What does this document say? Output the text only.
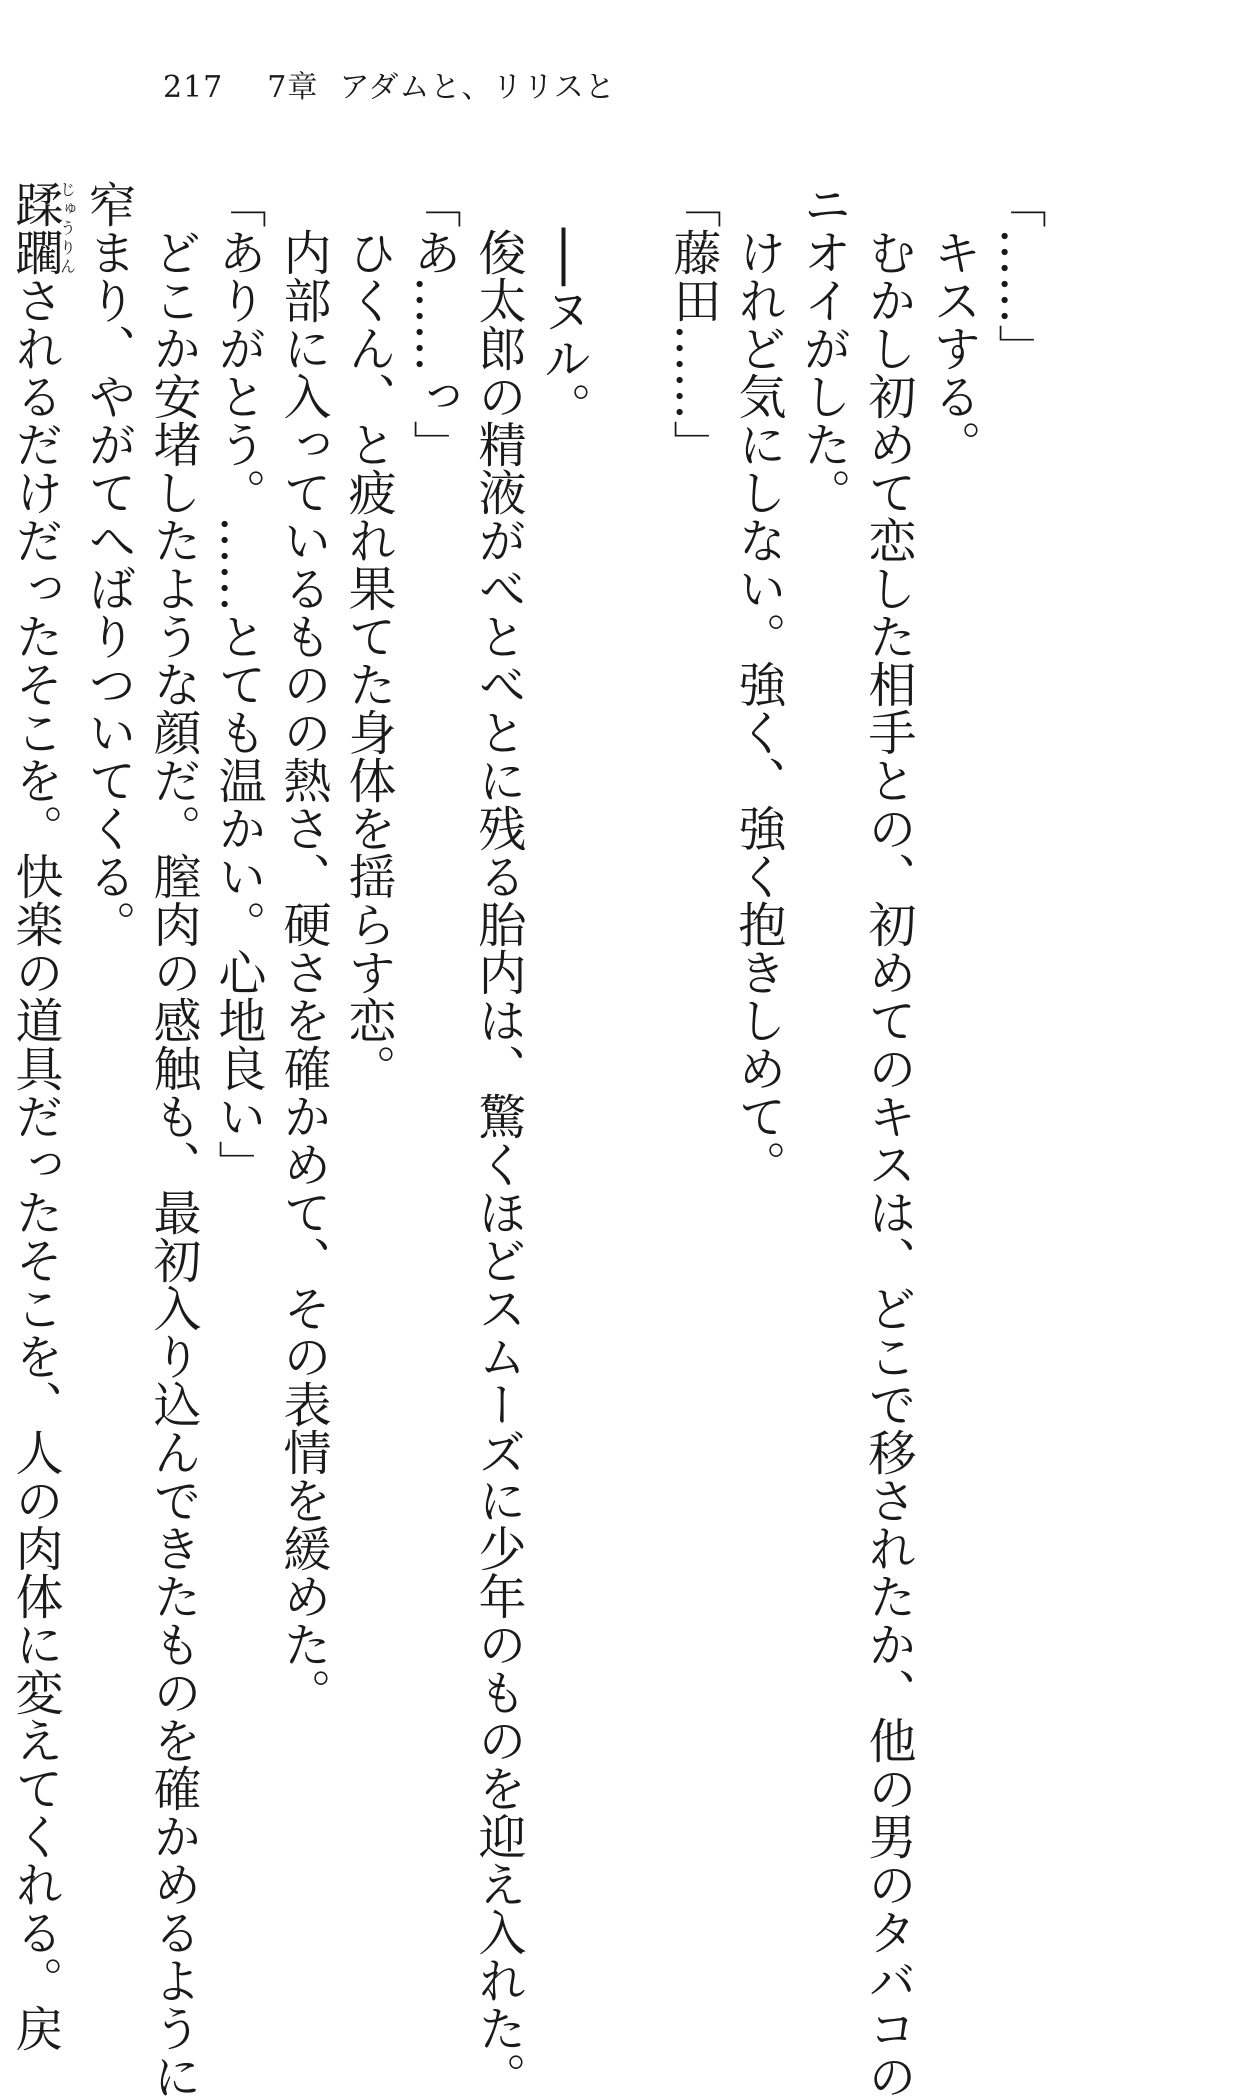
217 7章 アダムと、リリスと
「……」
キスする。
むかし初めて恋した相手との、初めてのキスは、どこで移されたか、他の男のタバコの
ニオイがした。
けれど気にしない。強く、強く抱きしめて。
「藤田……」
──ヌル。
俊太郎の精液がべとべとに残る胎内は、驚くほどスムーズに少年のものを迎え入れた。
「あ……っ」
ひくん、と疲れ果てた身体を揺らす恋。
内部に入っているものの熱さ、硬さを確かめて、その表情を緩めた。
「ありがとう。……とても温かい。心地良い」
どこか安堵したような顔だ。膣肉の感触も、最初入り込んできたものを確かめるように
窄まり、やがてへばりついてくる。
蹂躙じゅうりんされるだけだったそこを。快楽の道具だったそこを、人の肉体に変えてくれる。戻
